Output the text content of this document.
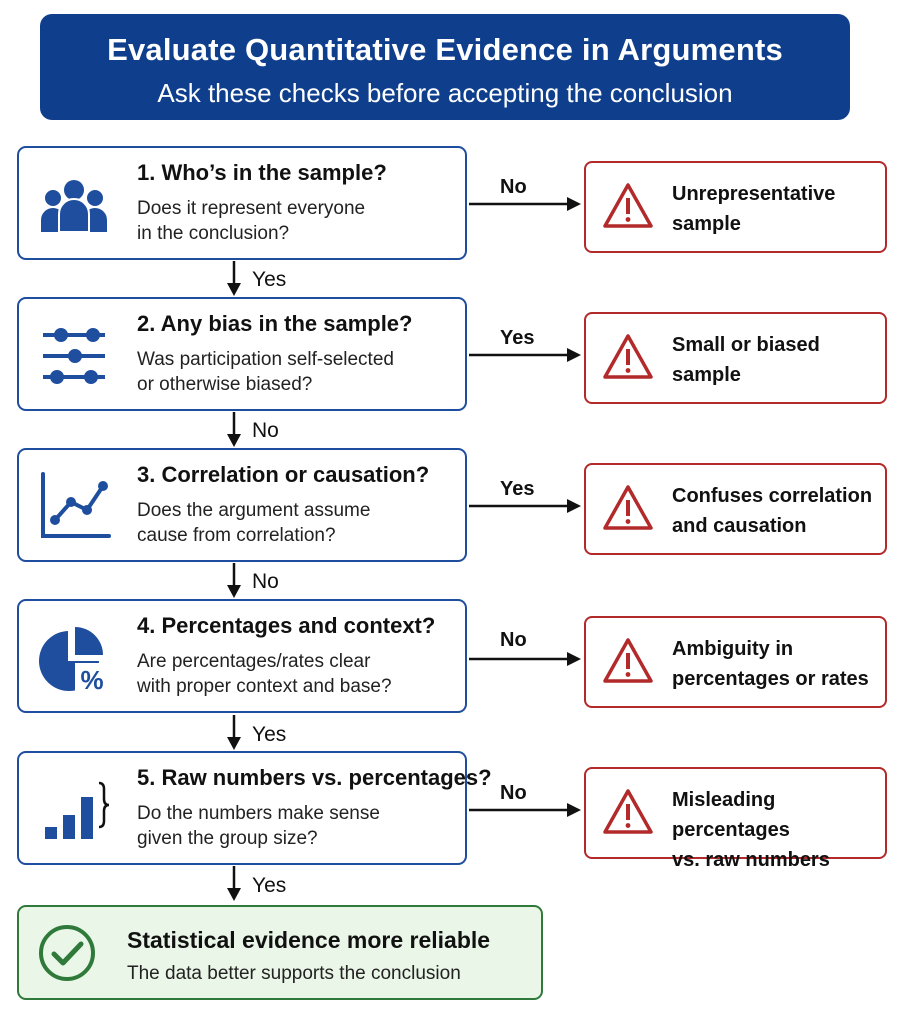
Evaluate Quantitative Evidence in Arguments
Ask these checks before accepting the conclusion
1. Who’s in the sample?
Does it represent everyone
in the conclusion?
No	Unrepresentative
sample
Yes
2. Any bias in the sample?
Was participation self-selected
or otherwise biased?
Yes	Small or biased
sample
No
3. Correlation or causation?
Does the argument assume
cause from correlation?
Yes	Confuses correlation
and causation
No
%
4. Percentages and context?
Are percentages/rates clear
with proper context and base?
No	Ambiguity in
percentages or rates
Yes
5. Raw numbers vs. percentages?
Do the numbers make sense
given the group size?
No	Misleading percentages
vs. raw numbers
Yes
Statistical evidence more reliable
The data better supports the conclusion
